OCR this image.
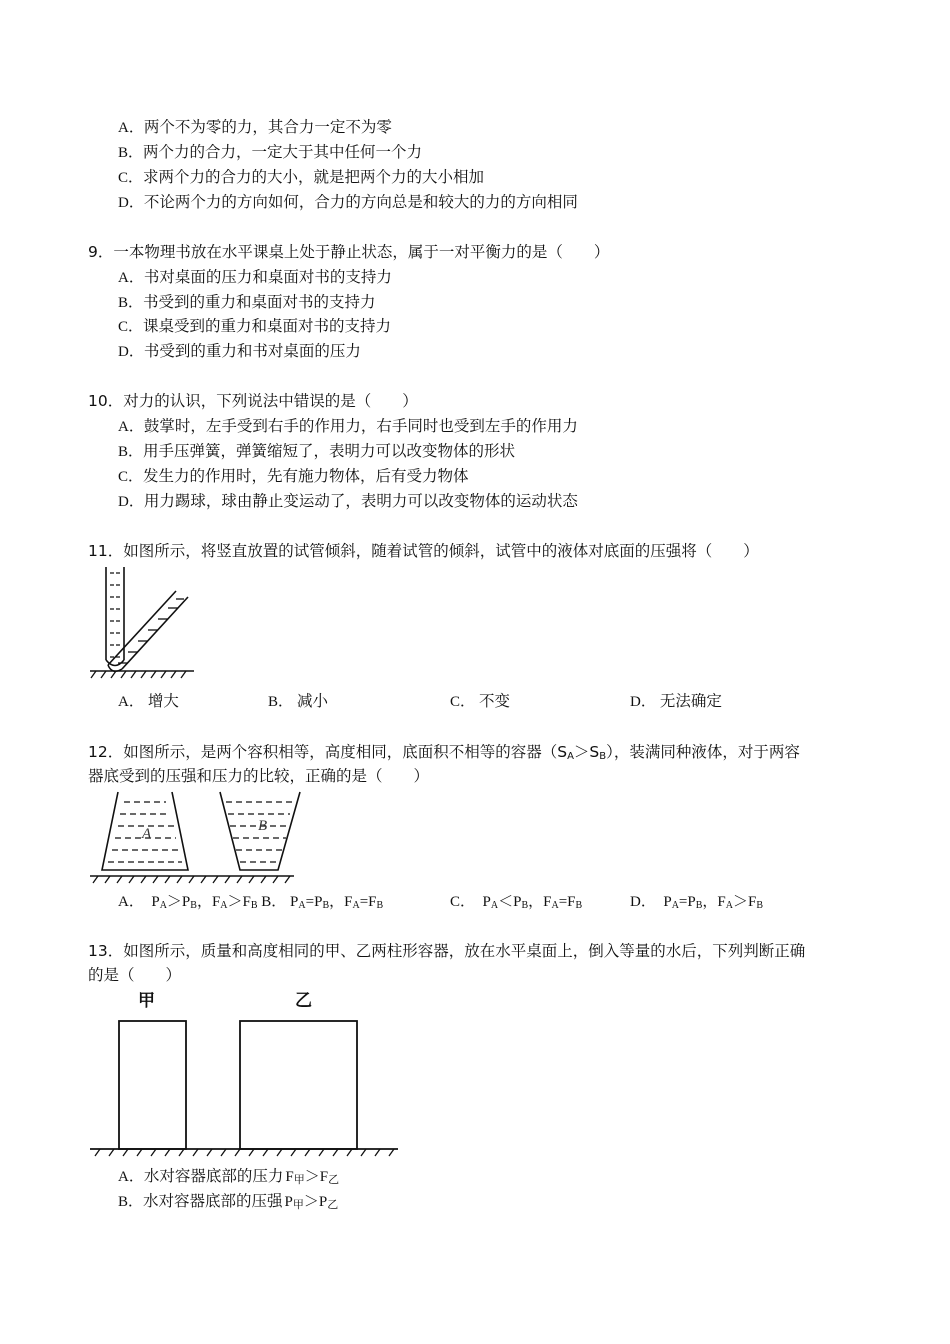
A．两个不为零的力，其合力一定不为零
B．两个力的合力，一定大于其中任何一个力
C．求两个力的合力的大小，就是把两个力的大小相加
D．不论两个力的方向如何，合力的方向总是和较大的力的方向相同
9．一本物理书放在水平课桌上处于静止状态，属于一对平衡力的是（　　）
A．书对桌面的压力和桌面对书的支持力
B．书受到的重力和桌面对书的支持力
C．课桌受到的重力和桌面对书的支持力
D．书受到的重力和书对桌面的压力
10．对力的认识，下列说法中错误的是（　　）
A．鼓掌时，左手受到右手的作用力，右手同时也受到左手的作用力
B．用手压弹簧，弹簧缩短了，表明力可以改变物体的形状
C．发生力的作用时，先有施力物体，后有受力物体
D．用力踢球，球由静止变运动了，表明力可以改变物体的运动状态
11．如图所示，将竖直放置的试管倾斜，随着试管的倾斜，试管中的液体对底面的压强将（　　）
A． 增大	B． 减小	C． 不变	D． 无法确定
12．如图所示，是两个容积相等，高度相同，底面积不相等的容器$(S_A>S_B)$，装满同种液体，对于两容
器底受到的压强和压力的比较，正确的是（　　）
A	B
A．  $P_A>P_B$，$F_A>F_B$ B． $P_A=P_B$，$F_A=F_B$	C．  $P_A<P_B$，$F_A=F_B$	D．  $P_A=P_B$，$F_A>F_B$
13．如图所示，质量和高度相同的甲、乙两柱形容器，放在水平桌面上，倒入等量的水后，下列判断正确
的是（　　）
甲	乙
A．水对容器底部的压力 $F_甲>F_乙$
B．水对容器底部的压强 $P_甲>P_乙$
